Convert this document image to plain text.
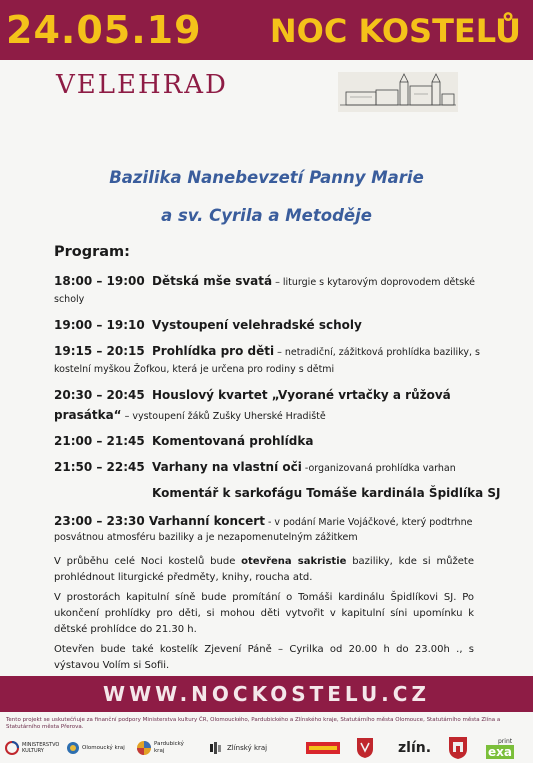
24.05.19 NOC KOSTELŮ
VELEHRAD
Bazilika Nanebevzetí Panny Marie
a sv. Cyrila a Metoděje
Program:
18:00 – 19:00 Dětská mše svatá – liturgie s kytarovým doprovodem dětské
scholy
19:00 – 19:10 Vystoupení velehradské scholy
19:15 – 20:15 Prohlídka pro děti – netradiční, zážitková prohlídka baziliky, s
kostelní myškou Žofkou, která je určena pro rodiny s dětmi
20:30 – 20:45 Houslový kvartet „Vyorané vrtačky a růžová
prasátka“ – vystoupení žáků Zušky Uherské Hradiště
21:00 – 21:45 Komentovaná prohlídka
21:50 – 22:45 Varhany na vlastní oči -organizovaná prohlídka varhan
Komentář k sarkofágu Tomáše kardinála Špidlíka SJ
23:00 – 23:30 Varhanní koncert - v podání Marie Vojáčkové, který podtrhne
posvátnou atmosféru baziliky a je nezapomenutelným zážitkem
V průběhu celé Noci kostelů bude otevřena sakristie baziliky, kde si můžete prohlédnout liturgické předměty, knihy, roucha atd.
V prostorách kapitulní síně bude promítání o Tomáši kardinálu Špidlíkovi SJ. Po ukončení prohlídky pro děti, si mohou děti vytvořit v kapitulní síni upomínku k dětské prohlídce do 21.30 h.
Otevřen bude také kostelík Zjevení Páně – Cyrilka od 20.00 h do 23.00h ., s výstavou Volím si Sofii.
WWW.NOCKOSTELU.CZ
Tento projekt se uskutečňuje za finanční podpory Ministerstva kultury ČR, Olomouckého, Pardubického a Zlínského kraje, Statutárního města Olomouce, Statutárního města Zlína a Statutárního města Přerova.
MINISTERSTVO KULTURY	Olomoucký kraj
Pardubický kraj	Zlínský kraj	zlín.	print
exa
